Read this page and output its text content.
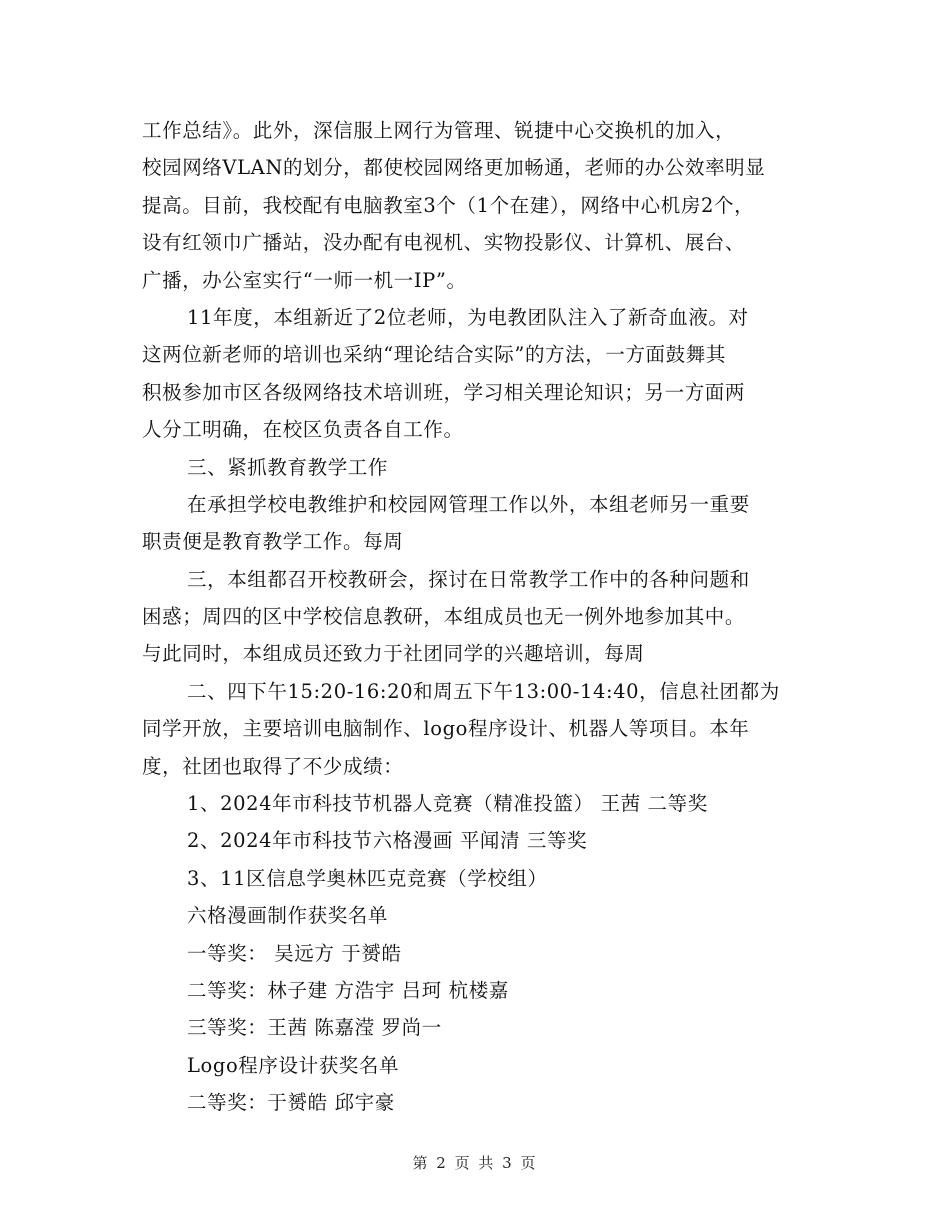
工作总结》。此外，深信服上网行为管理、锐捷中心交换机的加入，
校园网络VLAN的划分，都使校园网络更加畅通，老师的办公效率明显
提高。目前，我校配有电脑教室3个（1个在建），网络中心机房2个，
设有红领巾广播站，没办配有电视机、实物投影仪、计算机、展台、
广播，办公室实行“一师一机一IP”。
11年度，本组新近了2位老师，为电教团队注入了新奇血液。对
这两位新老师的培训也采纳“理论结合实际”的方法，一方面鼓舞其
积极参加市区各级网络技术培训班，学习相关理论知识；另一方面两
人分工明确，在校区负责各自工作。
三、紧抓教育教学工作
在承担学校电教维护和校园网管理工作以外，本组老师另一重要
职责便是教育教学工作。每周
三，本组都召开校教研会，探讨在日常教学工作中的各种问题和
困惑；周四的区中学校信息教研，本组成员也无一例外地参加其中。
与此同时，本组成员还致力于社团同学的兴趣培训，每周
二、四下午15:20-16:20和周五下午13:00-14:40，信息社团都为
同学开放，主要培训电脑制作、logo程序设计、机器人等项目。本年
度，社团也取得了不少成绩：
1、2024年市科技节机器人竞赛（精准投篮） 王茜 二等奖
2、2024年市科技节六格漫画 平闻清 三等奖
3、11区信息学奥林匹克竞赛（学校组）
六格漫画制作获奖名单
一等奖： 吴远方 于赟皓
二等奖：林子建 方浩宇 吕珂 杭楼嘉
三等奖：王茜 陈嘉滢 罗尚一
Logo程序设计获奖名单
二等奖：于赟皓 邱宇豪
第 2 页 共 3 页
